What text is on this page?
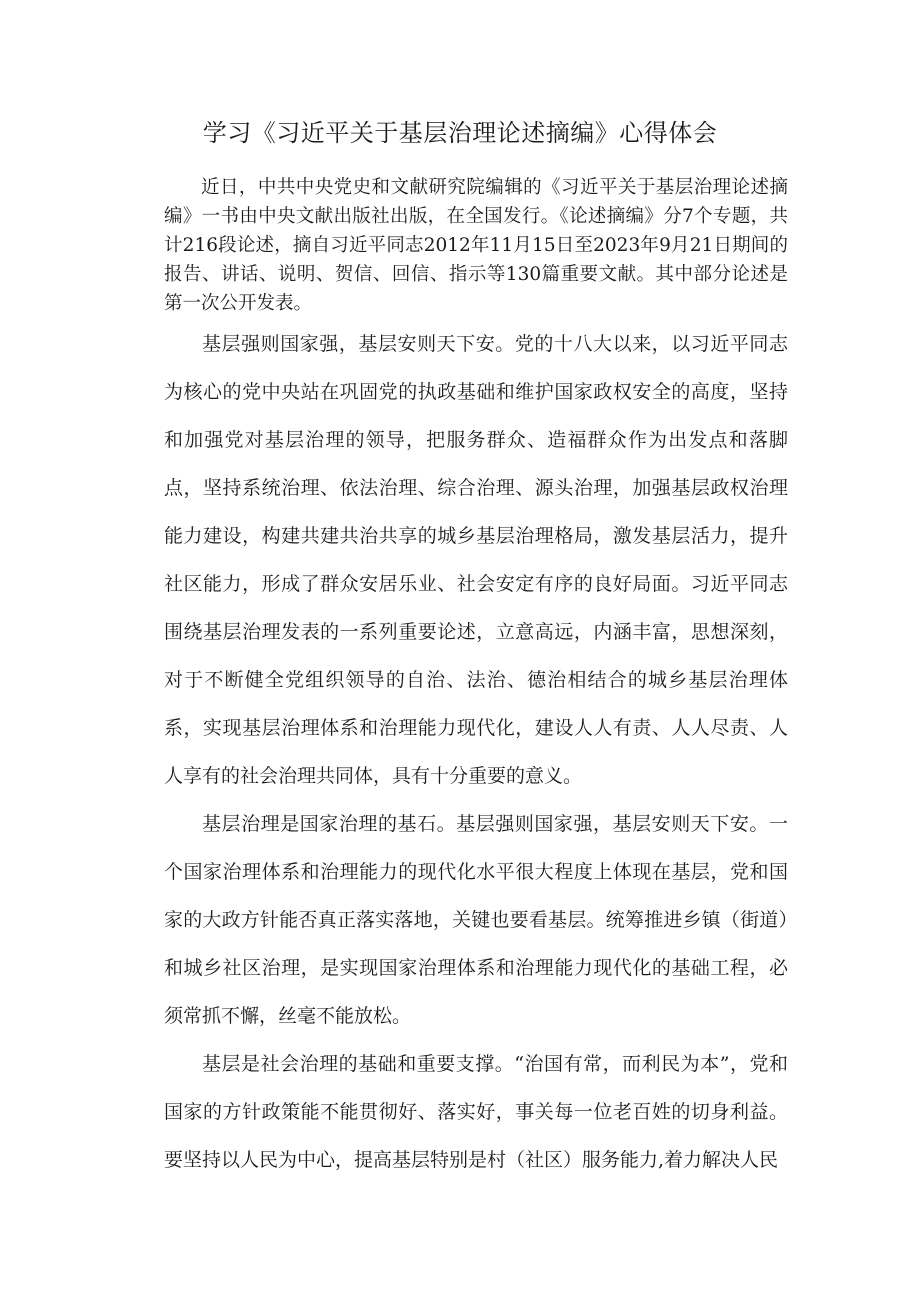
学习《习近平关于基层治理论述摘编》心得体会

近日，中共中央党史和文献研究院编辑的《习近平关于基层治理论述摘编》一书由中央文献出版社出版，在全国发行。《论述摘编》分7个专题，共计216段论述，摘自习近平同志2012年11月15日至2023年9月21日期间的报告、讲话、说明、贺信、回信、指示等130篇重要文献。其中部分论述是第一次公开发表。

基层强则国家强，基层安则天下安。党的十八大以来，以习近平同志为核心的党中央站在巩固党的执政基础和维护国家政权安全的高度，坚持和加强党对基层治理的领导，把服务群众、造福群众作为出发点和落脚点，坚持系统治理、依法治理、综合治理、源头治理，加强基层政权治理能力建设，构建共建共治共享的城乡基层治理格局，激发基层活力，提升社区能力，形成了群众安居乐业、社会安定有序的良好局面。习近平同志围绕基层治理发表的一系列重要论述，立意高远，内涵丰富，思想深刻，对于不断健全党组织领导的自治、法治、德治相结合的城乡基层治理体系，实现基层治理体系和治理能力现代化，建设人人有责、人人尽责、人人享有的社会治理共同体，具有十分重要的意义。

基层治理是国家治理的基石。基层强则国家强，基层安则天下安。一个国家治理体系和治理能力的现代化水平很大程度上体现在基层，党和国家的大政方针能否真正落实落地，关键也要看基层。统筹推进乡镇（街道）和城乡社区治理，是实现国家治理体系和治理能力现代化的基础工程，必须常抓不懈，丝毫不能放松。

基层是社会治理的基础和重要支撑。“治国有常，而利民为本”，党和国家的方针政策能不能贯彻好、落实好，事关每一位老百姓的切身利益。要坚持以人民为中心，提高基层特别是村（社区）服务能力,着力解决人民
